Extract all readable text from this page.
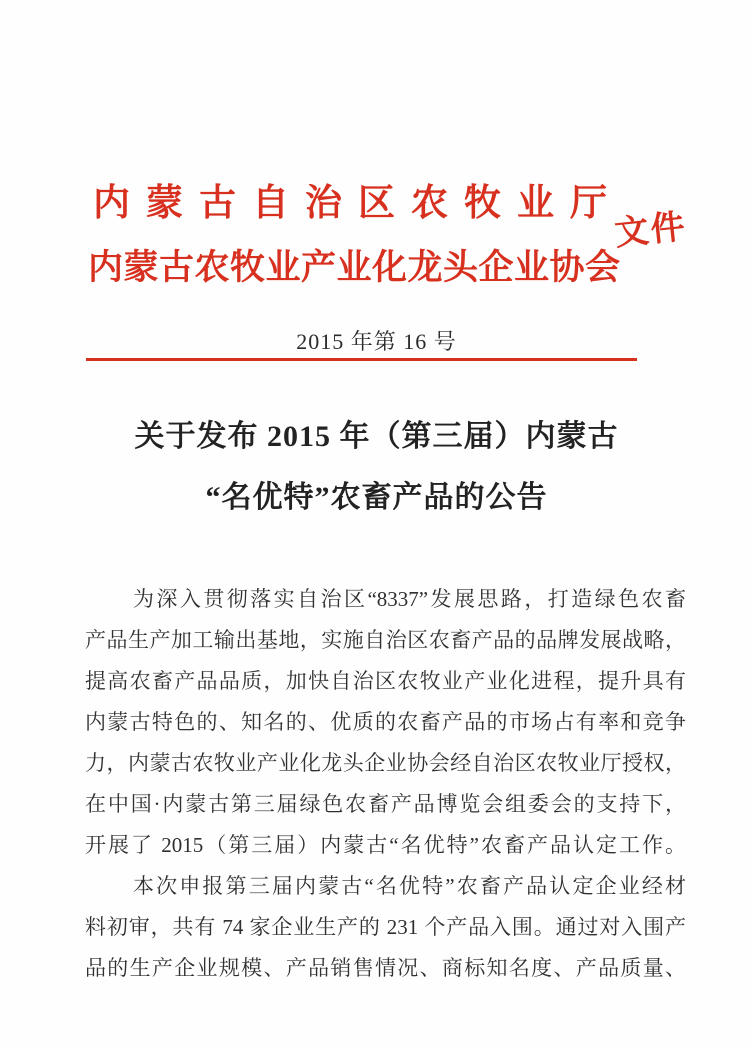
内蒙古自治区农牧业厅
内蒙古农牧业产业化龙头企业协会
文件
2015 年第 16 号
关于发布 2015 年（第三届）内蒙古
“名优特”农畜产品的公告
为深入贯彻落实自治区“8337”发展思路，打造绿色农畜
产品生产加工输出基地，实施自治区农畜产品的品牌发展战略，
提高农畜产品品质，加快自治区农牧业产业化进程，提升具有
内蒙古特色的、知名的、优质的农畜产品的市场占有率和竞争
力，内蒙古农牧业产业化龙头企业协会经自治区农牧业厅授权，
在中国·内蒙古第三届绿色农畜产品博览会组委会的支持下，
开展了 2015（第三届）内蒙古“名优特”农畜产品认定工作。
本次申报第三届内蒙古“名优特”农畜产品认定企业经材
料初审，共有 74 家企业生产的 231 个产品入围。通过对入围产
品的生产企业规模、产品销售情况、商标知名度、产品质量、
